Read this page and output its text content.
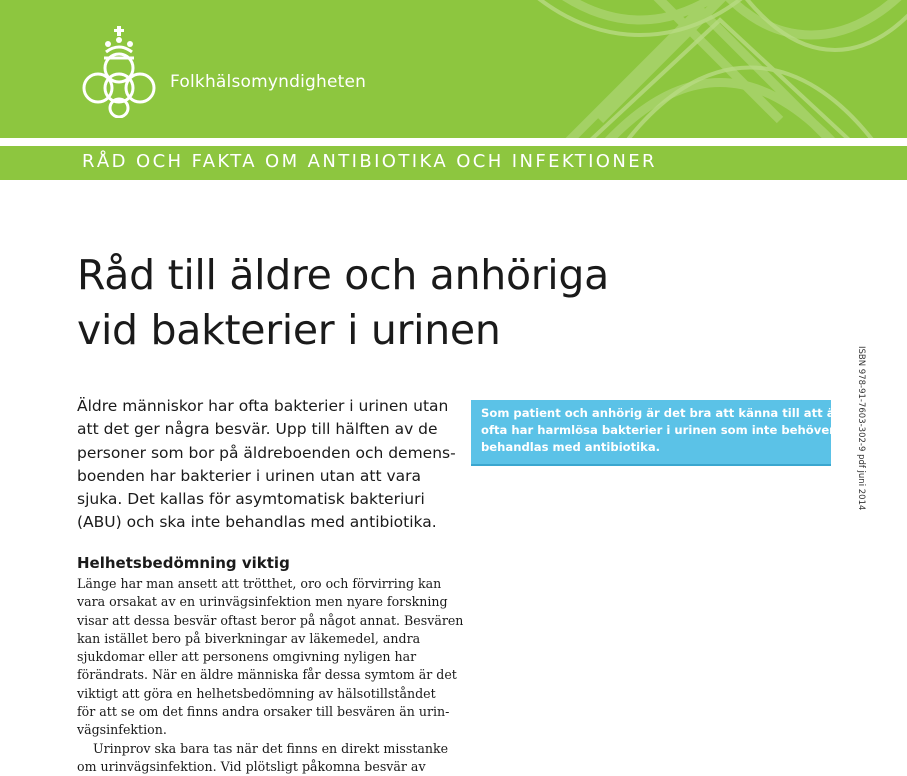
Folkhälsomyndigheten
RÅD OCH FAKTA OM ANTIBIOTIKA OCH INFEKTIONER
Råd till äldre och anhöriga
vid bakterier i urinen

Äldre människor har ofta bakterier i urinen utan
att det ger några besvär. Upp till hälften av de
personer som bor på äldreboenden och demens-
boenden har bakterier i urinen utan att vara
sjuka. Det kallas för asymtomatisk bakteriuri
(ABU) och ska inte behandlas med antibiotika.

Helhetsbedömning viktig

Länge har man ansett att trötthet, oro och förvirring kan
vara orsakat av en urinvägsinfektion men nyare forskning
visar att dessa besvär oftast beror på något annat. Besvären
kan istället bero på biverkningar av läkemedel, andra
sjukdomar eller att personens omgivning nyligen har
förändrats. När en äldre människa får dessa symtom är det
viktigt att göra en helhetsbedömning av hälsotillståndet
för att se om det finns andra orsaker till besvären än urin-
vägsinfektion.
Urinprov ska bara tas när det finns en direkt misstanke
om urinvägsinfektion. Vid plötsligt påkomna besvär av

Som patient och anhörig är det bra att känna till att äldre
ofta har harmlösa bakterier i urinen som inte behöver
behandlas med antibiotika.	ISBN 978-91-7603-302-9 pdf juni 2014
